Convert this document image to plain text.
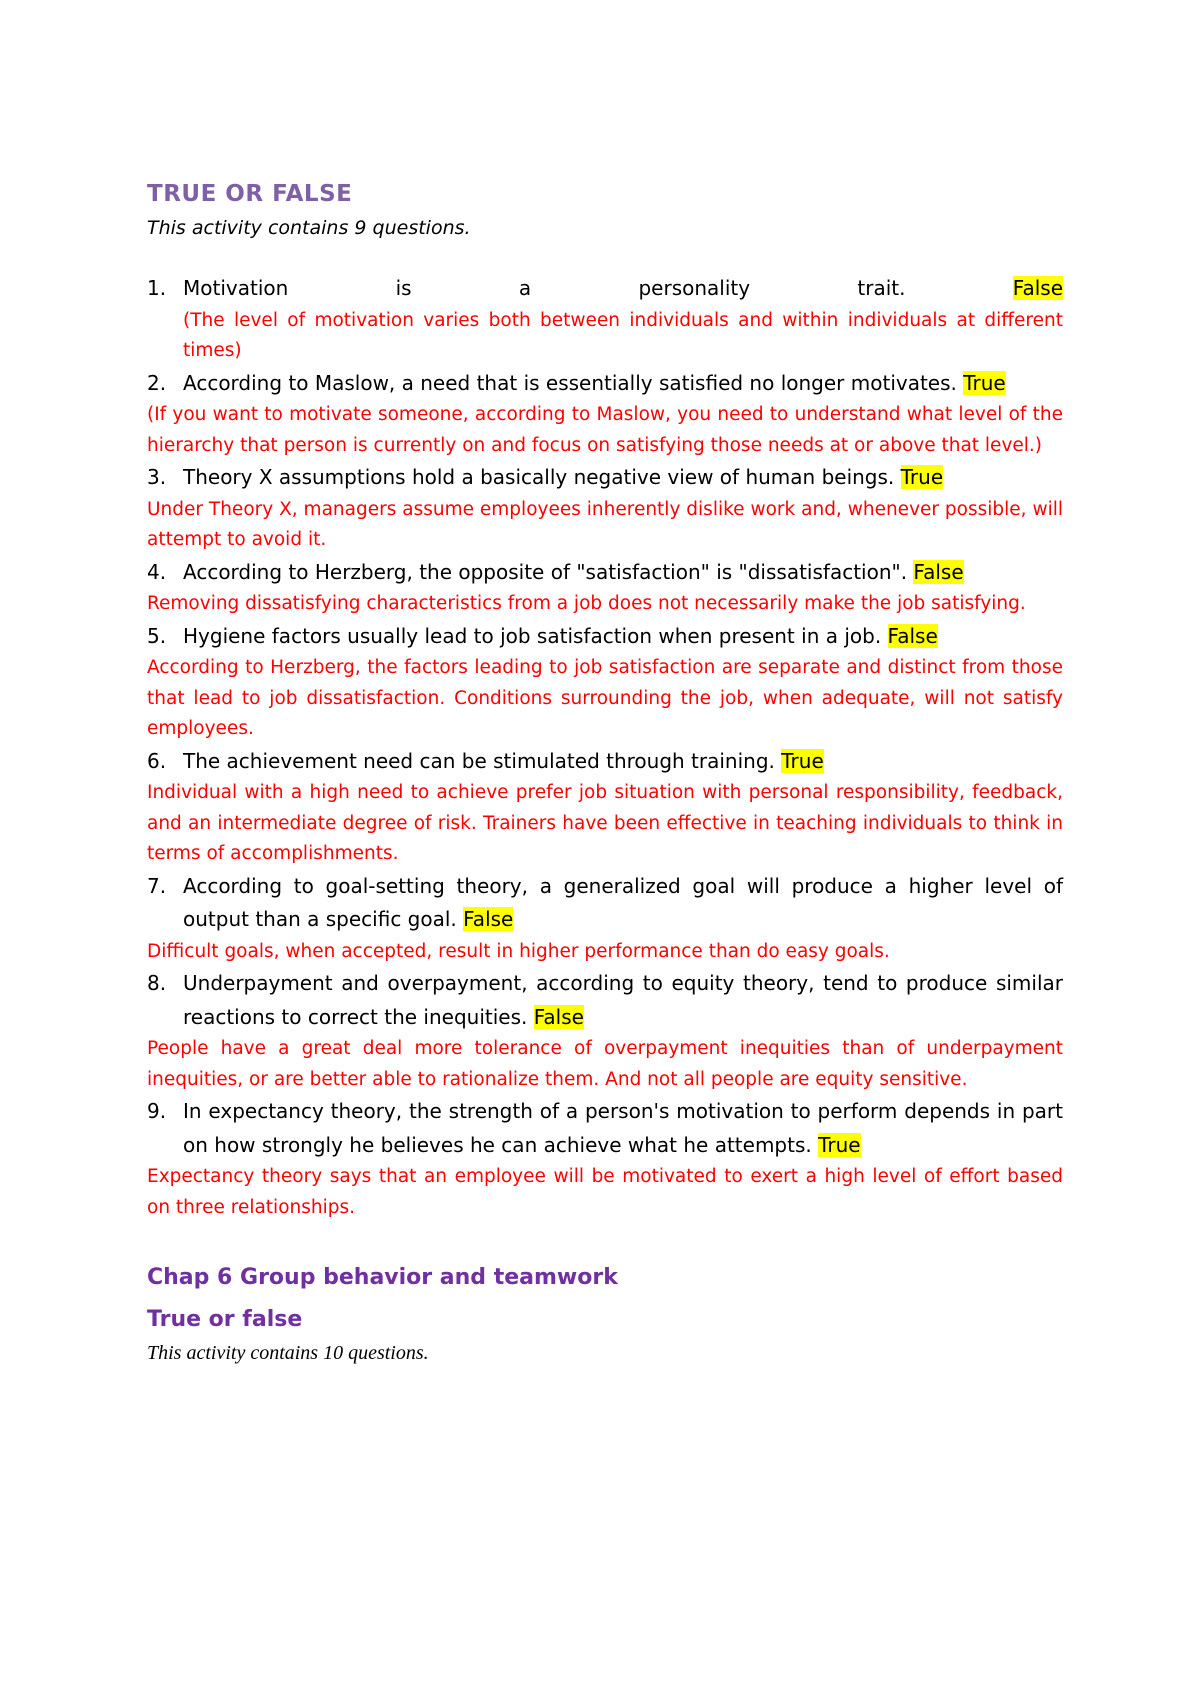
TRUE OR FALSE

This activity contains 9 questions.

1. Motivation is a personality trait.	False
(The level of motivation varies both between individuals and within individuals at different times)
2. According to Maslow, a need that is essentially satisfied no longer motivates. True
(If you want to motivate someone, according to Maslow, you need to understand what level of the hierarchy that person is currently on and focus on satisfying those needs at or above that level.)
3. Theory X assumptions hold a basically negative view of human beings. True
Under Theory X, managers assume employees inherently dislike work and, whenever possible, will attempt to avoid it.
4. According to Herzberg, the opposite of "satisfaction" is "dissatisfaction". False
Removing dissatisfying characteristics from a job does not necessarily make the job satisfying.
5. Hygiene factors usually lead to job satisfaction when present in a job. False
According to Herzberg, the factors leading to job satisfaction are separate and distinct from those that lead to job dissatisfaction. Conditions surrounding the job, when adequate, will not satisfy employees.
6. The achievement need can be stimulated through training. True
Individual with a high need to achieve prefer job situation with personal responsibility, feedback, and an intermediate degree of risk. Trainers have been effective in teaching individuals to think in terms of accomplishments.
7. According to goal-setting theory, a generalized goal will produce a higher level of output than a specific goal. False
Difficult goals, when accepted, result in higher performance than do easy goals.
8. Underpayment and overpayment, according to equity theory, tend to produce similar reactions to correct the inequities. False
People have a great deal more tolerance of overpayment inequities than of underpayment inequities, or are better able to rationalize them. And not all people are equity sensitive.
9. In expectancy theory, the strength of a person's motivation to perform depends in part on how strongly he believes he can achieve what he attempts. True
Expectancy theory says that an employee will be motivated to exert a high level of effort based on three relationships.
Chap 6 Group behavior and teamwork
True or false

This activity contains 10 questions.
